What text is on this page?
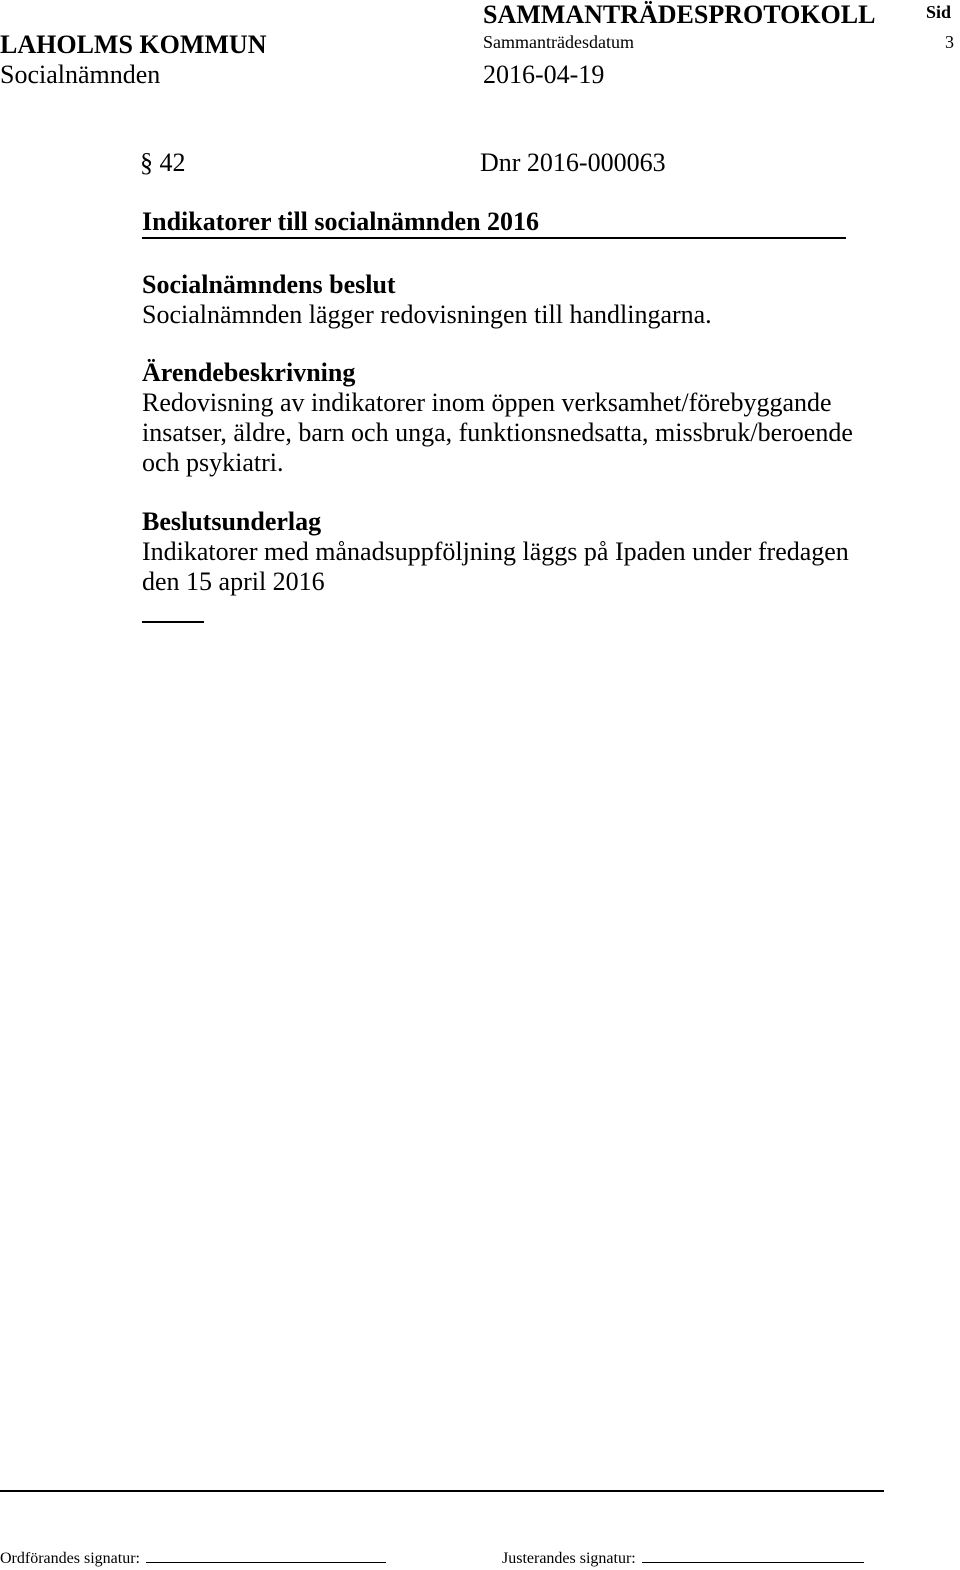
LAHOLMS KOMMUN
Socialnämnden
SAMMANTRÄDESPROTOKOLL
Sammanträdesdatum
2016-04-19
Sid
3
§ 42	Dnr 2016-000063
Indikatorer till socialnämnden 2016
Socialnämndens beslut
Socialnämnden lägger redovisningen till handlingarna.
Ärendebeskrivning
Redovisning av indikatorer inom öppen verksamhet/förebyggande insatser, äldre, barn och unga, funktionsnedsatta, missbruk/beroende och psykiatri.
Beslutsunderlag
Indikatorer med månadsuppföljning läggs på Ipaden under fredagen den 15 april 2016
Ordförandes signatur:	Justerandes signatur:
